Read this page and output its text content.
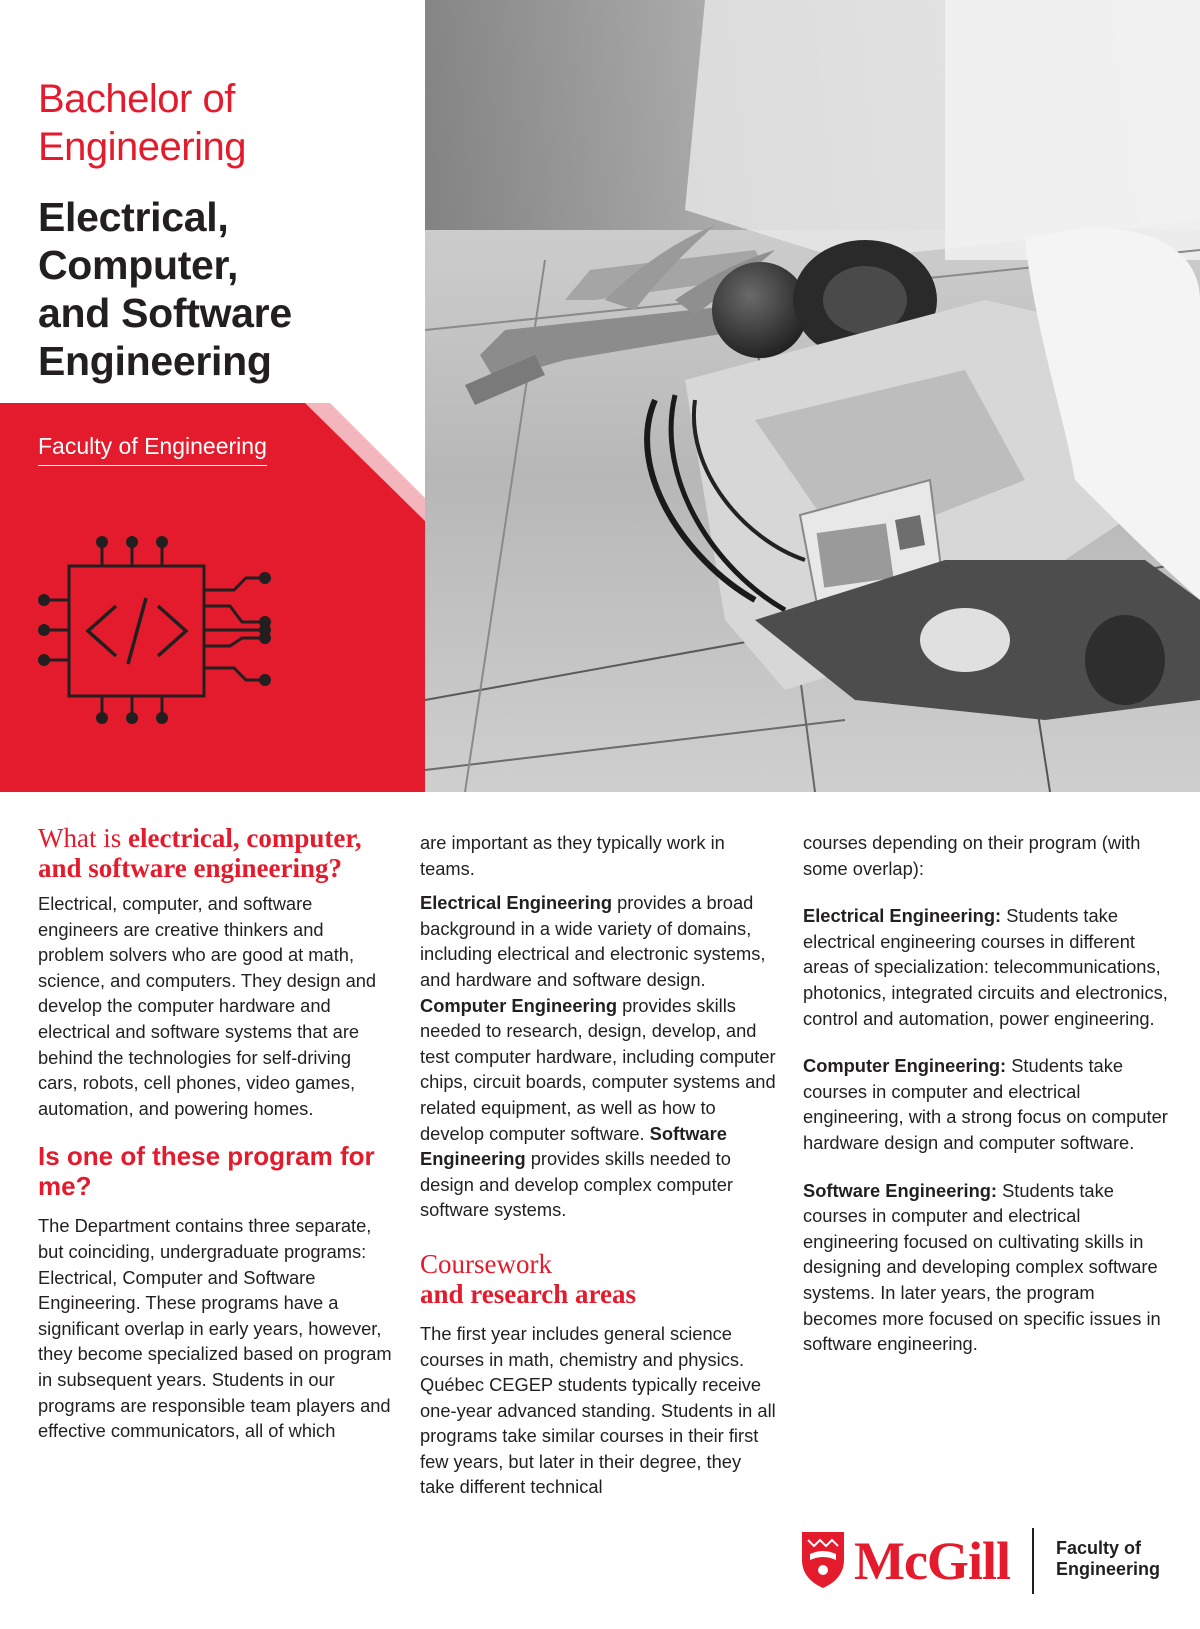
Bachelor of
Engineering
Electrical,
Computer,
and Software
Engineering
Faculty of Engineering
What is electrical, computer, and software engineering?

Electrical, computer, and software engineers are creative thinkers and problem solvers who are good at math, science, and computers. They design and develop the computer hardware and electrical and software systems that are behind the technologies for self-driving cars, robots, cell phones, video games, automation, and powering homes.

Is one of these program for me?

The Department contains three separate, but coinciding, undergraduate programs: Electrical, Computer and Software Engineering. These programs have a significant overlap in early years, however, they become specialized based on program in subsequent years. Students in our programs are responsible team players and effective communicators, all of which

are important as they typically work in teams.

Electrical Engineering provides a broad background in a wide variety of domains, including electrical and electronic systems, and hardware and software design. Computer Engineering provides skills needed to research, design, develop, and test computer hardware, including computer chips, circuit boards, computer systems and related equipment, as well as how to develop computer software. Software Engineering provides skills needed to design and develop complex computer software systems.

Coursework
and research areas

The first year includes general science courses in math, chemistry and physics. Québec CEGEP students typically receive one-year advanced standing. Students in all programs take similar courses in their first few years, but later in their degree, they take different technical

courses depending on their program (with some overlap):

Electrical Engineering: Students take electrical engineering courses in different areas of specialization: telecommunications, photonics, integrated circuits and electronics, control and automation, power engineering.

Computer Engineering: Students take courses in computer and electrical engineering, with a strong focus on computer hardware design and computer software.

Software Engineering: Students take courses in computer and electrical engineering focused on cultivating skills in designing and developing complex software systems. In later years, the program becomes more focused on specific issues in software engineering.

McGill	Faculty of
Engineering
